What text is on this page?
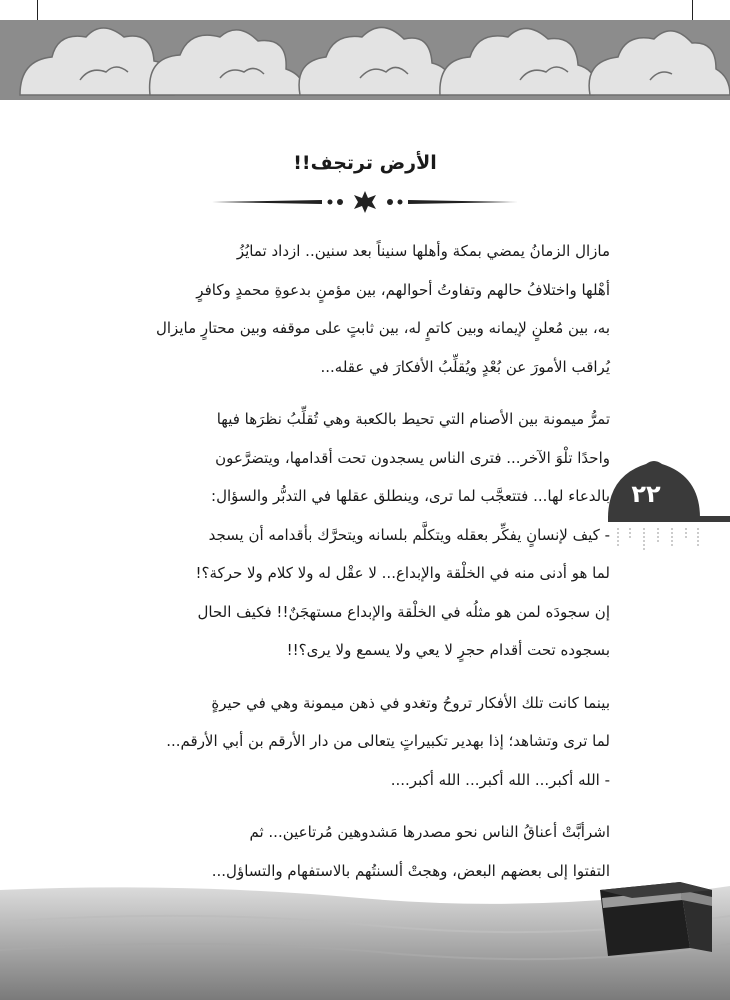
الأرض ترتجف!!

مازال الزمانُ يمضي بمكة وأهلها سنيناً بعد سنين.. ازداد تمايُزُ
أهْلها واختلافُ حالهم وتفاوتُ أحوالهم، بين مؤمنٍ بدعوةِ محمدٍ وكافرٍ
به، بين مُعلنٍ لإيمانه وبين كاتمٍ له، بين ثابتٍ على موقفه وبين محتارٍ مايزال
يُراقب الأمورَ عن بُعْدٍ ويُقلِّبُ الأفكارَ في عقله...

تمرُّ ميمونة بين الأصنام التي تحيط بالكعبة وهي تُقلِّبُ نظرَها فيها
واحدًا تلْوَ الآخر... فترى الناس يسجدون تحت أقدامها، ويتضرَّعون
بالدعاء لها... فتتعجَّب لما ترى، وينطلق عقلها في التدبُّر والسؤال:
- كيف لإنسانٍ يفكِّر بعقله ويتكلَّم بلسانه ويتحرَّك بأقدامه أن يسجد
لما هو أدنى منه في الخلْقة والإبداع... لا عقْل له ولا كلام ولا حركة؟!
إن سجودَه لمن هو مثلُه في الخلْقة والإبداع مستهجَنٌ!! فكيف الحال
بسجوده تحت أقدام حجرٍ لا يعي ولا يسمع ولا يرى؟!!

بينما كانت تلك الأفكار تروحُ وتغدو في ذهن ميمونة وهي في حيرةٍ
لما ترى وتشاهد؛ إذا بهدير تكبيراتٍ يتعالى من دار الأرقم بن أبي الأرقم...
- الله أكبر... الله أكبر... الله أكبر....

اشرأبَّتْ أعناقُ الناس نحو مصدرها مَشدوهين مُرتاعين... ثم
التفتوا إلى بعضهم البعض، وهجتْ ألسنتُهم بالاستفهام والتساؤل...

٢٢
